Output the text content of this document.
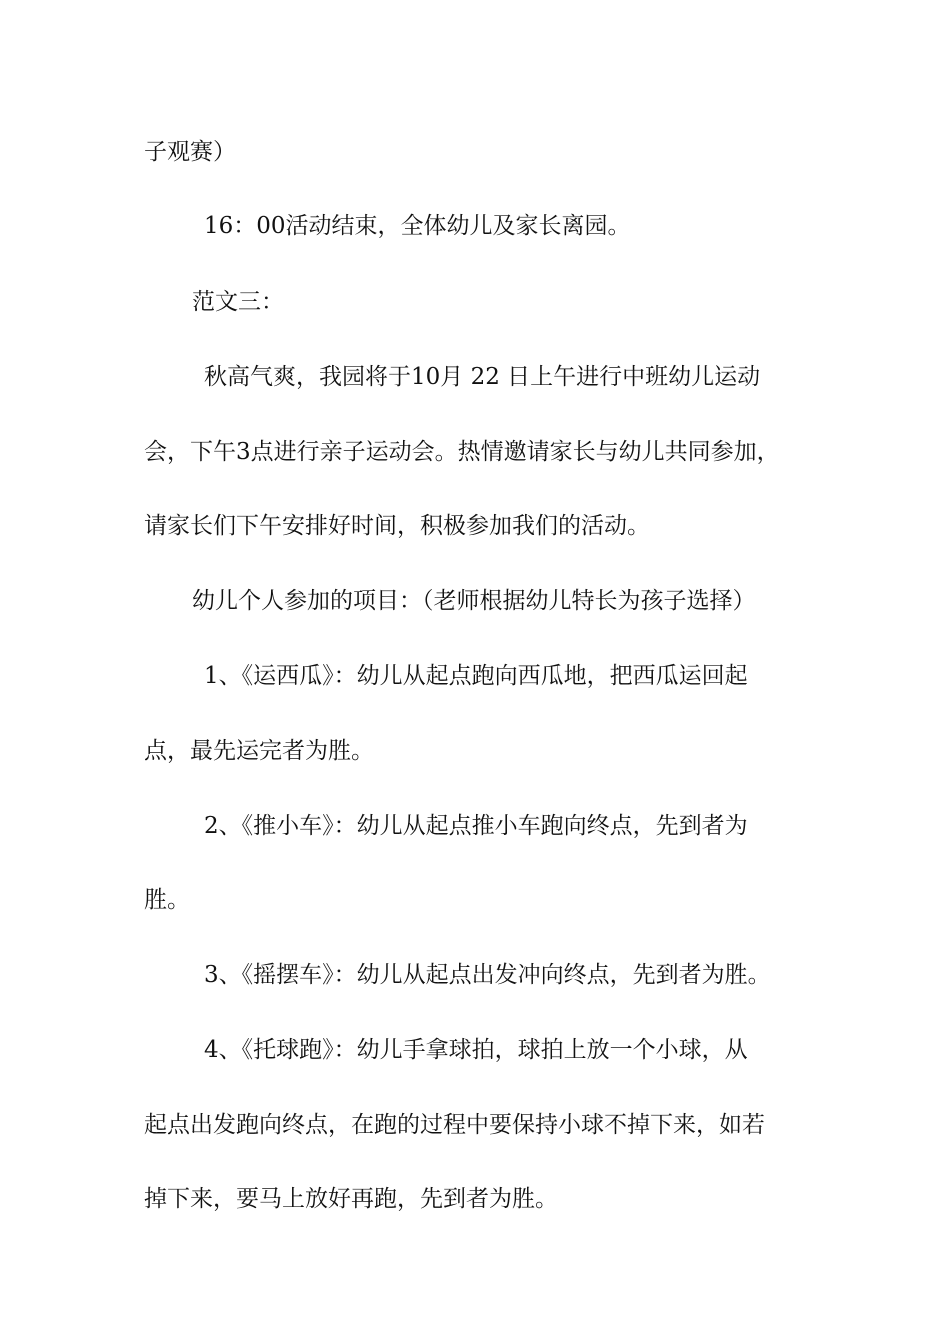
子观赛）
16：00活动结束，全体幼儿及家长离园。
范文三：
秋高气爽，我园将于10月 22 日上午进行中班幼儿运动
会，下午3点进行亲子运动会。热情邀请家长与幼儿共同参加，
请家长们下午安排好时间，积极参加我们的活动。
幼儿个人参加的项目：（老师根据幼儿特长为孩子选择）
1、《运西瓜》：幼儿从起点跑向西瓜地，把西瓜运回起
点，最先运完者为胜。
2、《推小车》：幼儿从起点推小车跑向终点，先到者为
胜。
3、《摇摆车》：幼儿从起点出发冲向终点，先到者为胜。
4、《托球跑》：幼儿手拿球拍，球拍上放一个小球，从
起点出发跑向终点，在跑的过程中要保持小球不掉下来，如若
掉下来，要马上放好再跑，先到者为胜。
